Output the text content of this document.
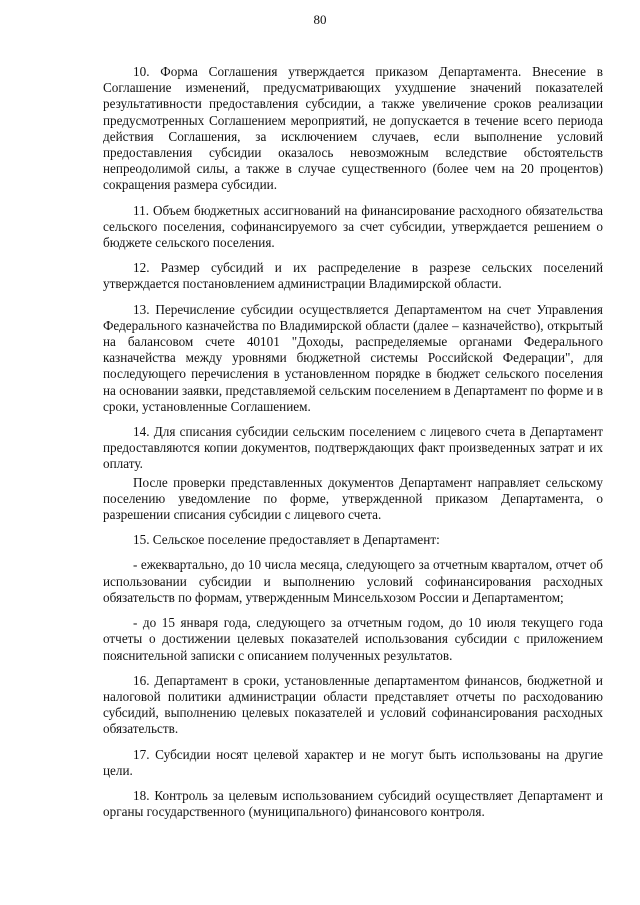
80

10. Форма Соглашения утверждается приказом Департамента. Внесение в Соглашение изменений, предусматривающих ухудшение значений показателей результативности предоставления субсидии, а также увеличение сроков реализации предусмотренных Соглашением мероприятий, не допускается в течение всего периода действия Соглашения, за исключением случаев, если выполнение условий предоставления субсидии оказалось невозможным вследствие обстоятельств непреодолимой силы, а также в случае существенного (более чем на 20 процентов) сокращения размера субсидии.

11. Объем бюджетных ассигнований на финансирование расходного обязательства сельского поселения, софинансируемого за счет субсидии, утверждается решением о бюджете сельского поселения.

12. Размер субсидий и их распределение в разрезе сельских поселений утверждается постановлением администрации Владимирской области.

13. Перечисление субсидии осуществляется Департаментом на счет Управления Федерального казначейства по Владимирской области (далее – казначейство), открытый на балансовом счете 40101 "Доходы, распределяемые органами Федерального казначейства между уровнями бюджетной системы Российской Федерации", для последующего перечисления в установленном порядке в бюджет сельского поселения на основании заявки, представляемой сельским поселением в Департамент по форме и в сроки, установленные Соглашением.

14. Для списания субсидии сельским поселением с лицевого счета в Департамент предоставляются копии документов, подтверждающих факт произведенных затрат и их оплату.

После проверки представленных документов Департамент направляет сельскому поселению уведомление по форме, утвержденной приказом Департамента, о разрешении списания субсидии с лицевого счета.

15. Сельское поселение предоставляет в Департамент:

- ежеквартально, до 10 числа месяца, следующего за отчетным кварталом, отчет об использовании субсидии и выполнению условий софинансирования расходных обязательств по формам, утвержденным Минсельхозом России и Департаментом;

- до 15 января года, следующего за отчетным годом, до 10 июля текущего года отчеты о достижении целевых показателей использования субсидии с приложением пояснительной записки с описанием полученных результатов.

16. Департамент в сроки, установленные департаментом финансов, бюджетной и налоговой политики администрации области представляет отчеты по расходованию субсидий, выполнению целевых показателей и условий софинансирования расходных обязательств.

17. Субсидии носят целевой характер и не могут быть использованы на другие цели.

18. Контроль за целевым использованием субсидий осуществляет Департамент и органы государственного (муниципального) финансового контроля.
